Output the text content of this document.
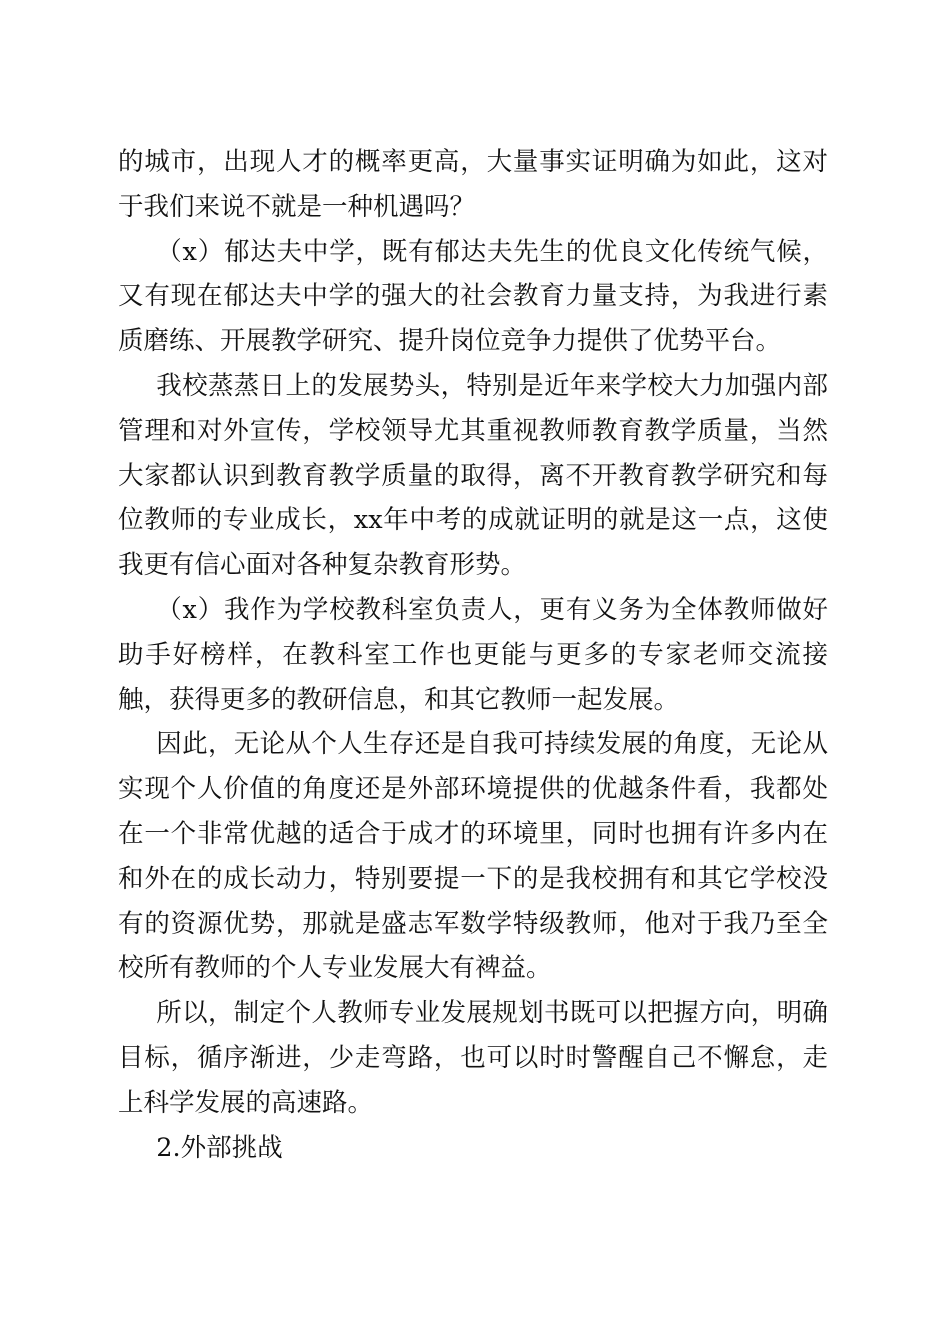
的城市，出现人才的概率更高，大量事实证明确为如此，这对于我们来说不就是一种机遇吗？

（x）郁达夫中学，既有郁达夫先生的优良文化传统气候，又有现在郁达夫中学的强大的社会教育力量支持，为我进行素质磨练、开展教学研究、提升岗位竞争力提供了优势平台。

我校蒸蒸日上的发展势头，特别是近年来学校大力加强内部管理和对外宣传，学校领导尤其重视教师教育教学质量，当然大家都认识到教育教学质量的取得，离不开教育教学研究和每位教师的专业成长，xx年中考的成就证明的就是这一点，这使我更有信心面对各种复杂教育形势。

（x）我作为学校教科室负责人，更有义务为全体教师做好助手好榜样，在教科室工作也更能与更多的专家老师交流接触，获得更多的教研信息，和其它教师一起发展。

因此，无论从个人生存还是自我可持续发展的角度，无论从实现个人价值的角度还是外部环境提供的优越条件看，我都处在一个非常优越的适合于成才的环境里，同时也拥有许多内在和外在的成长动力，特别要提一下的是我校拥有和其它学校没有的资源优势，那就是盛志军数学特级教师，他对于我乃至全校所有教师的个人专业发展大有裨益。

所以，制定个人教师专业发展规划书既可以把握方向，明确目标，循序渐进，少走弯路，也可以时时警醒自己不懈怠，走上科学发展的高速路。

2.外部挑战
